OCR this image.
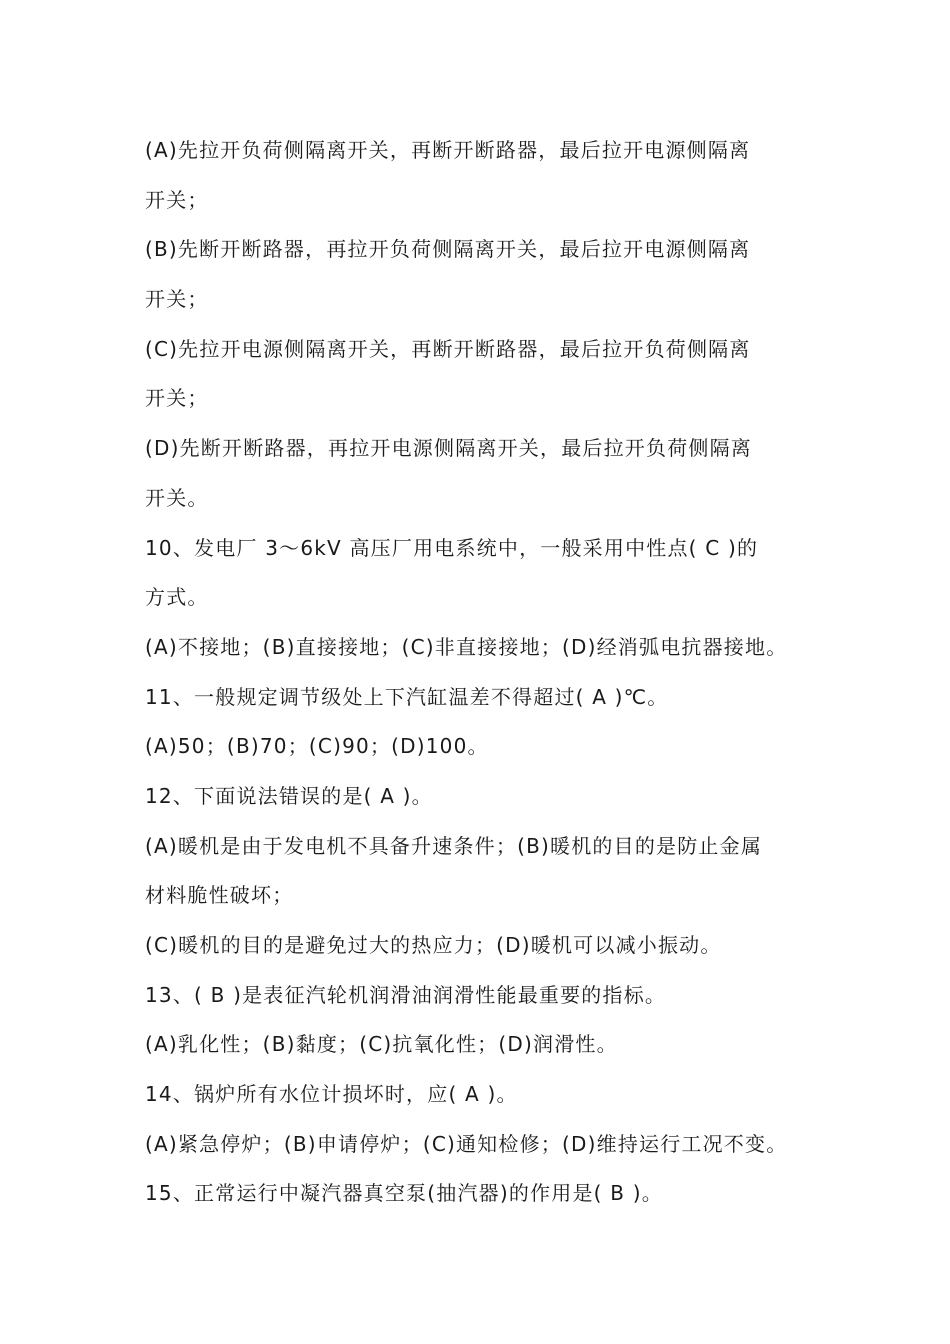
(A)先拉开负荷侧隔离开关，再断开断路器，最后拉开电源侧隔离
开关；
(B)先断开断路器，再拉开负荷侧隔离开关，最后拉开电源侧隔离
开关；
(C)先拉开电源侧隔离开关，再断开断路器，最后拉开负荷侧隔离
开关；
(D)先断开断路器，再拉开电源侧隔离开关，最后拉开负荷侧隔离
开关。
10、发电厂 3～6kV 高压厂用电系统中，一般采用中性点( C )的
方式。
(A)不接地；(B)直接接地；(C)非直接接地；(D)经消弧电抗器接地。
11、一般规定调节级处上下汽缸温差不得超过( A )℃。
(A)50；(B)70；(C)90；(D)100。
12、下面说法错误的是( A )。
(A)暖机是由于发电机不具备升速条件；(B)暖机的目的是防止金属
材料脆性破坏；
(C)暖机的目的是避免过大的热应力；(D)暖机可以减小振动。
13、( B )是表征汽轮机润滑油润滑性能最重要的指标。
(A)乳化性；(B)黏度；(C)抗氧化性；(D)润滑性。
14、锅炉所有水位计损坏时，应( A )。
(A)紧急停炉；(B)申请停炉；(C)通知检修；(D)维持运行工况不变。
15、正常运行中凝汽器真空泵(抽汽器)的作用是( B )。
